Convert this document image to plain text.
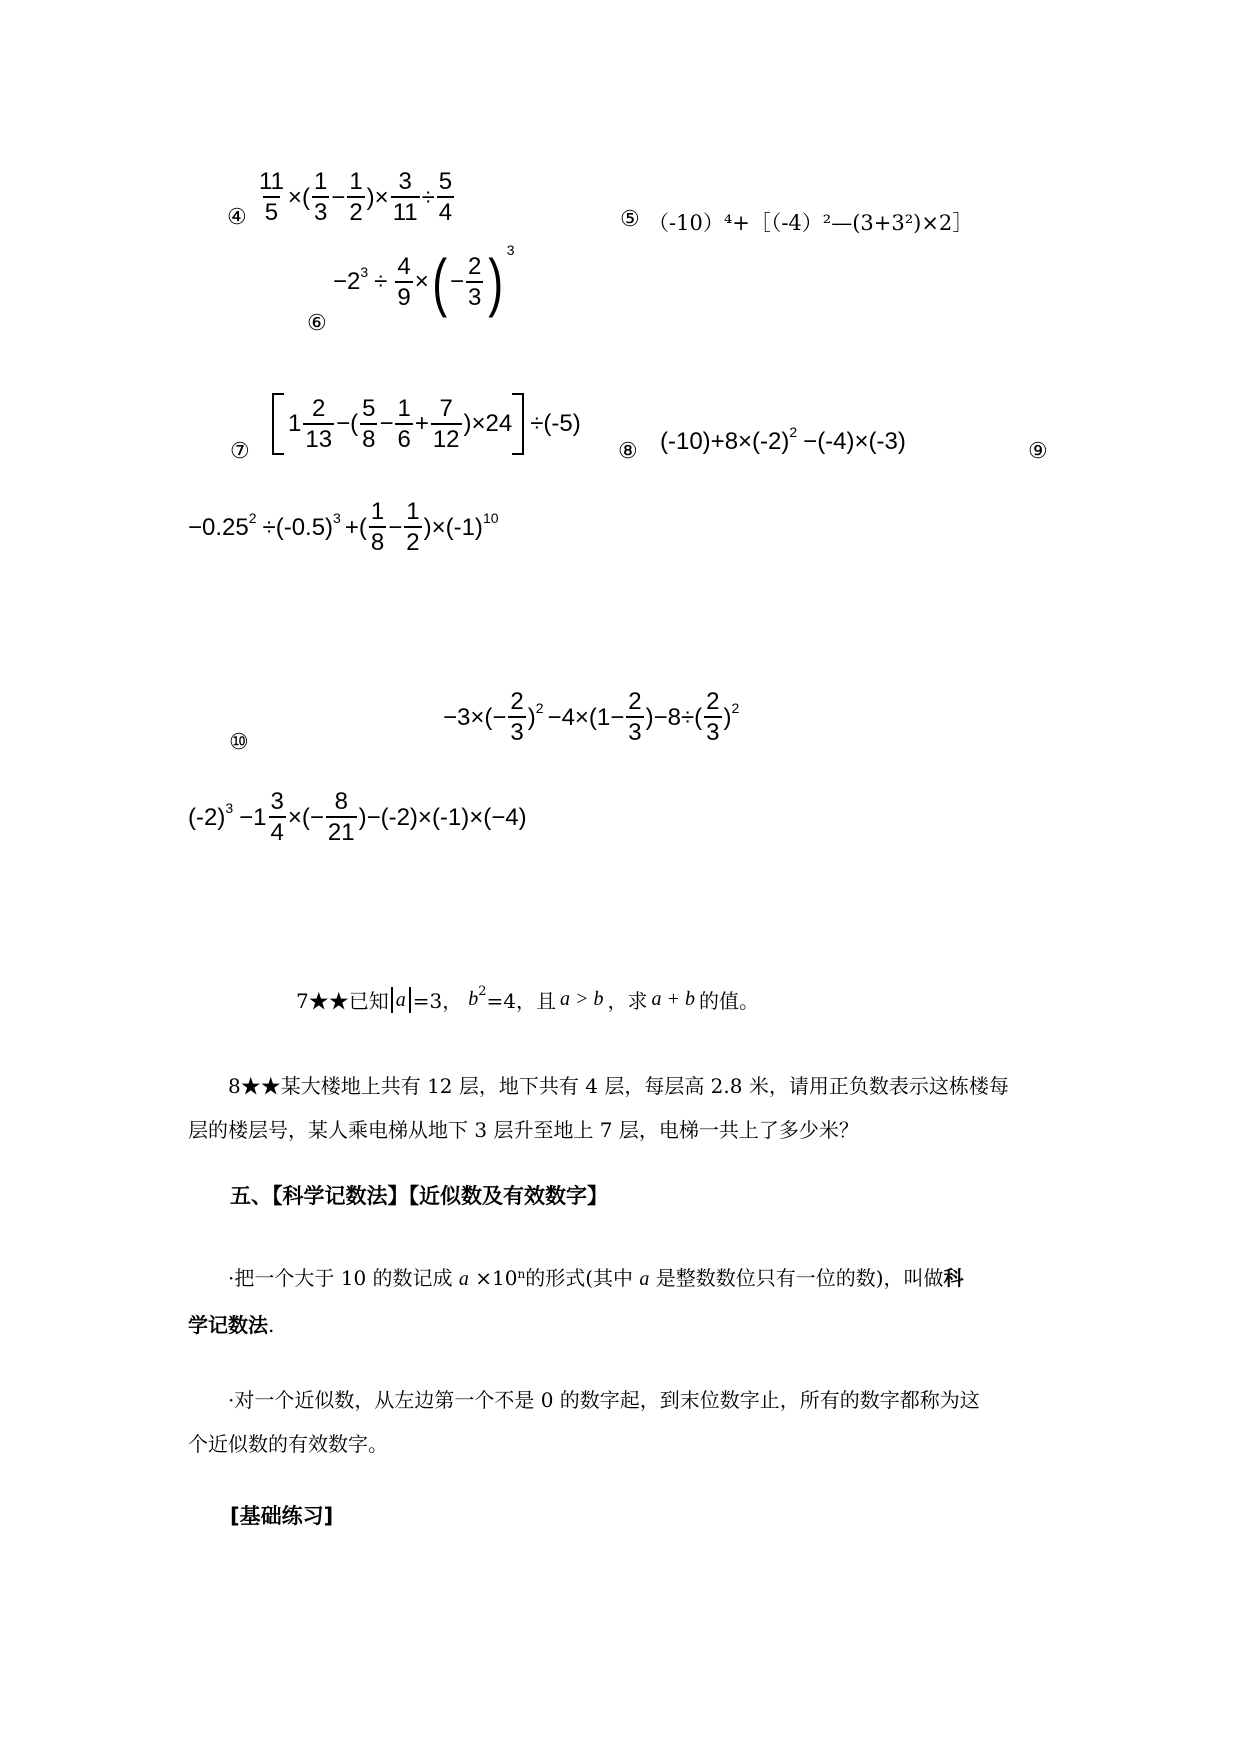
④ $\frac{11}{5}$ ×( $\frac{1}{3} - \frac{1}{2}$ )× $\frac{3}{11} \div \frac{5}{4}$	⑤ （-10）⁴+［（-4）²—(3+3²)×2］
⑥
$-2^3 \div \frac{4}{9}$ × ( − $\frac{2}{3} )^3$
⑦
$1 \frac{2}{13}$ −( $\frac{5}{8} - \frac{1}{6} + \frac{7}{12} )\times 24 \div(-5)$
⑧ $(-10)+8\times(-2)^2 -(-4)\times(-3)$	⑨
$-0.25^2 \div(-0.5)^3$ +( $\frac{1}{8} - \frac{1}{2} )\times(-1)^{10}$
⑩
$-3\times(- \frac{2}{3} )^2 -4\times(1- \frac{2}{3} )-8\div( \frac{2}{3} )^2$
$(-2)^3 -1 \frac{3}{4}$ ×(− $\frac{8}{21} )-(-2)\times(-1)\times(-4)$
7★★已知 a =3， $b^2 =4$，且 a > b ，求 a + b 的值。
8★★某大楼地上共有 12 层，地下共有 4 层，每层高 2.8 米，请用正负数表示这栋楼每
层的楼层号，某人乘电梯从地下 3 层升至地上 7 层，电梯一共上了多少米？
五、【科学记数法】【近似数及有效数字】
·把一个大于 10 的数记成 $a \times 10^n$的形式(其中 a 是整数数位只有一位的数)，叫做科
学记数法.
·对一个近似数，从左边第一个不是 0 的数字起，到末位数字止，所有的数字都称为这
个近似数的有效数字。
[基础练习]
